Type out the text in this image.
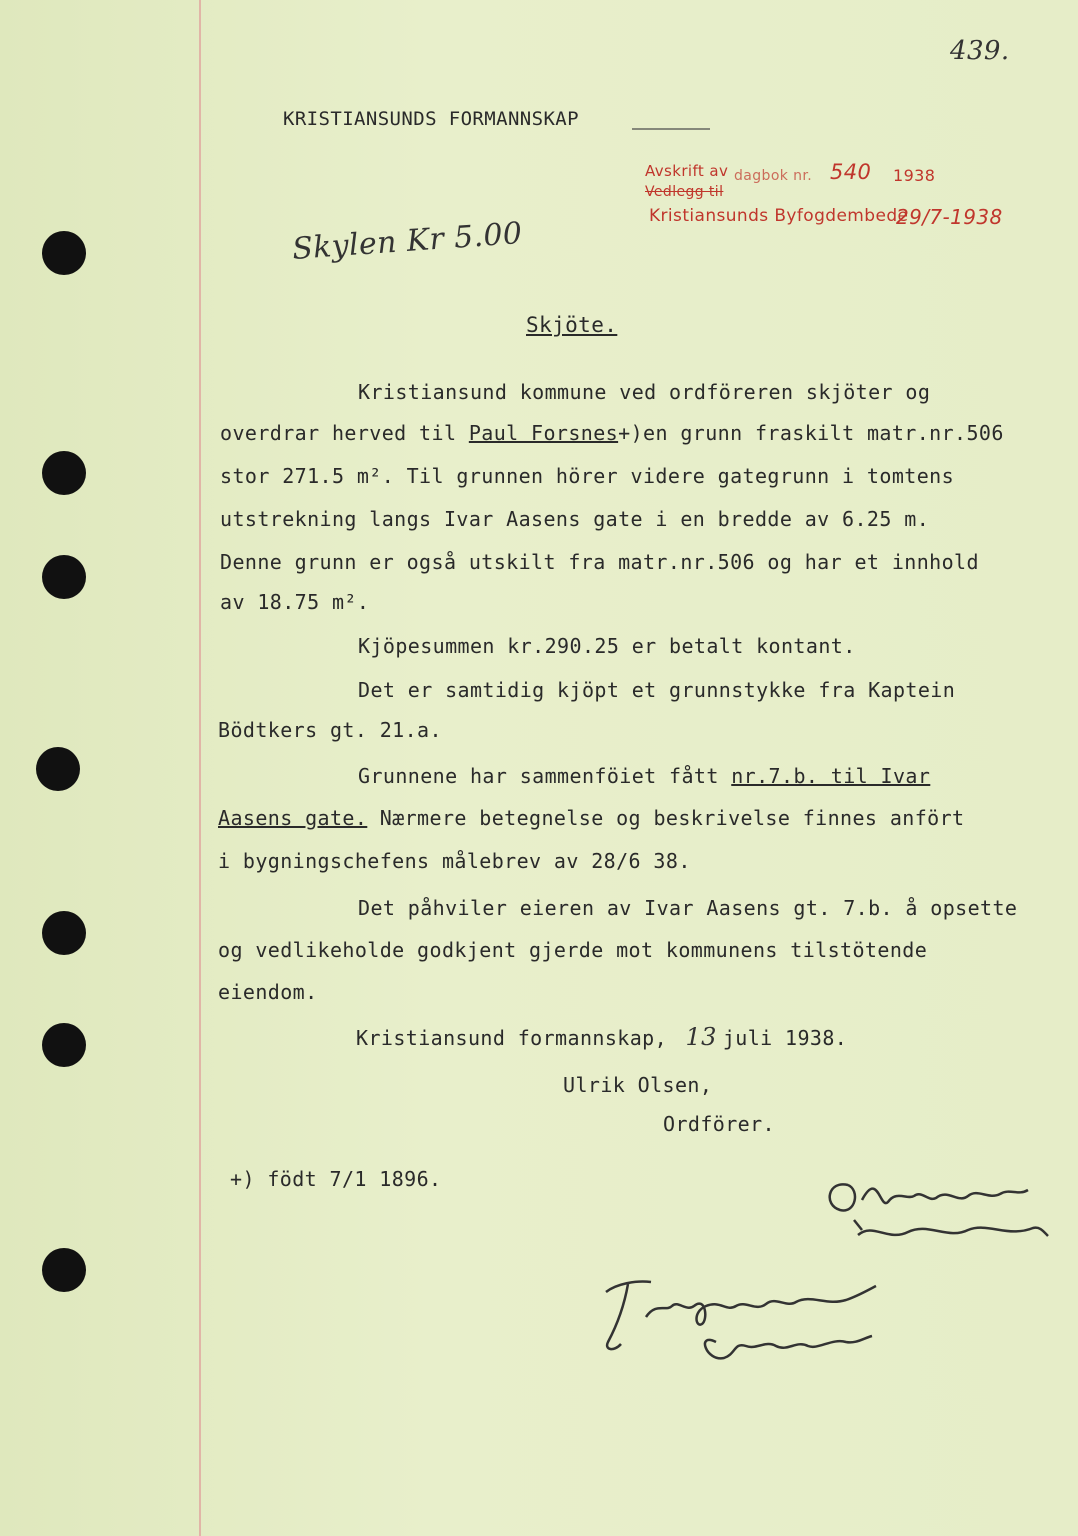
439.
KRISTIANSUNDS FORMANNSKAP
Avskrift av dagbok nr. 540 1938
Vedlegg til
Kristiansunds Byfogdembede
29/7-1938
Skylen Kr 5.00
Skjöte.
Kristiansund kommune ved ordföreren skjöter og
overdrar herved til Paul Forsnes+)en grunn fraskilt matr.nr.506
stor 271.5 m². Til grunnen hörer videre gategrunn i tomtens
utstrekning langs Ivar Aasens gate i en bredde av 6.25 m.
Denne grunn er også utskilt fra matr.nr.506 og har et innhold
av 18.75 m².
Kjöpesummen kr.290.25 er betalt kontant.
Det er samtidig kjöpt et grunnstykke fra Kaptein
Bödtkers gt. 21.a.
Grunnene har sammenföiet fått nr.7.b. til Ivar
Aasens gate. Nærmere betegnelse og beskrivelse finnes anfört
i bygningschefens målebrev av 28/6 38.
Det påhviler eieren av Ivar Aasens gt. 7.b. å opsette
og vedlikeholde godkjent gjerde mot kommunens tilstötende
eiendom.
Kristiansund formannskap, 13 juli 1938.
Ulrik Olsen,
Ordförer.
+) födt 7/1 1896.
